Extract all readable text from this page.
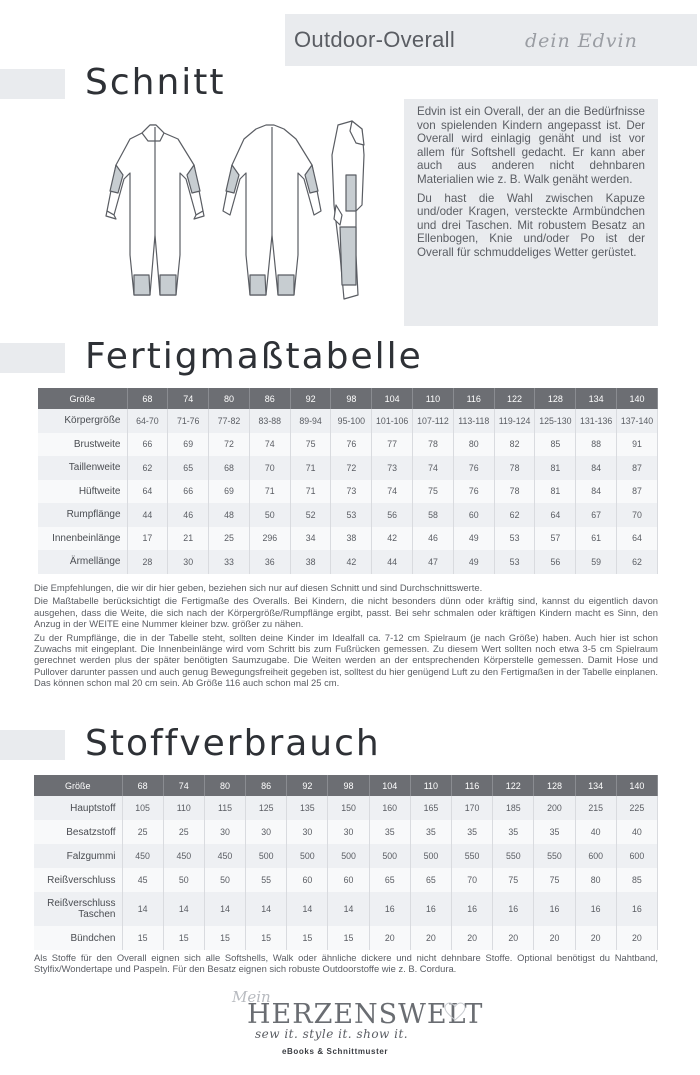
Outdoor-Overall	dein Edvin
Schnitt

Edvin ist ein Overall, der an die Bedürfnisse von spielenden Kindern angepasst ist. Der Overall wird einlagig genäht und ist vor allem für Softshell gedacht. Er kann aber auch aus anderen nicht dehnbaren Materialien wie z. B. Walk genäht werden.

Du hast die Wahl zwischen Kapuze und/oder Kragen, versteckte Armbündchen und drei Taschen. Mit robustem Besatz an Ellenbogen, Knie und/oder Po ist der Overall für schmuddeliges Wetter gerüstet.

Fertigmaßtabelle
Größe	68	74	80	86	92	98	104	110	116	122	128	134	140
Körpergröße	64-70	71-76	77-82	83-88	89-94	95-100	101-106	107-112	113-118	119-124	125-130	131-136	137-140
Brustweite	66	69	72	74	75	76	77	78	80	82	85	88	91
Taillenweite	62	65	68	70	71	72	73	74	76	78	81	84	87
Hüftweite	64	66	69	71	71	73	74	75	76	78	81	84	87
Rumpflänge	44	46	48	50	52	53	56	58	60	62	64	67	70
Innenbeinlänge	17	21	25	296	34	38	42	46	49	53	57	61	64
Ärmellänge	28	30	33	36	38	42	44	47	49	53	56	59	62

Die Empfehlungen, die wir dir hier geben, beziehen sich nur auf diesen Schnitt und sind Durchschnittswerte.

Die Maßtabelle berücksichtigt die Fertigmaße des Overalls. Bei Kindern, die nicht besonders dünn oder kräftig sind, kannst du eigentlich davon ausgehen, dass die Weite, die sich nach der Körpergröße/Rumpflänge ergibt, passt. Bei sehr schmalen oder kräftigen Kindern macht es Sinn, den Anzug in der WEITE eine Nummer kleiner bzw. größer zu nähen.

Zu der Rumpflänge, die in der Tabelle steht, sollten deine Kinder im Idealfall ca. 7-12 cm Spielraum (je nach Größe) haben. Auch hier ist schon Zuwachs mit eingeplant. Die Innenbeinlänge wird vom Schritt bis zum Fußrücken gemessen. Zu diesem Wert sollten noch etwa 3-5 cm Spielraum gerechnet werden plus der später benötigten Saumzugabe. Die Weiten werden an der entsprechenden Körperstelle gemessen. Damit Hose und Pullover darunter passen und auch genug Bewegungsfreiheit gegeben ist, solltest du hier genügend Luft zu den Fertigmaßen in der Tabelle einplanen. Das können schon mal 20 cm sein. Ab Größe 116 auch schon mal 25 cm.

Stoffverbrauch
Größe	68	74	80	86	92	98	104	110	116	122	128	134	140
Hauptstoff	105	110	115	125	135	150	160	165	170	185	200	215	225
Besatzstoff	25	25	30	30	30	30	35	35	35	35	35	40	40
Falzgummi	450	450	450	500	500	500	500	500	550	550	550	600	600
Reißverschluss	45	50	50	55	60	60	65	65	70	75	75	80	85
Reißverschluss Taschen	14	14	14	14	14	14	16	16	16	16	16	16	16
Bündchen	15	15	15	15	15	15	20	20	20	20	20	20	20
Als Stoffe für den Overall eignen sich alle Softshells, Walk oder ähnliche dickere und nicht dehnbare Stoffe. Optional benötigst du Nahtband, Stylfix/Wondertape und Paspeln. Für den Besatz eignen sich robuste Outdoorstoffe wie z. B. Cordura.
Mein
HERZENSWELT
sew it. style it. show it.
eBooks & Schnittmuster
